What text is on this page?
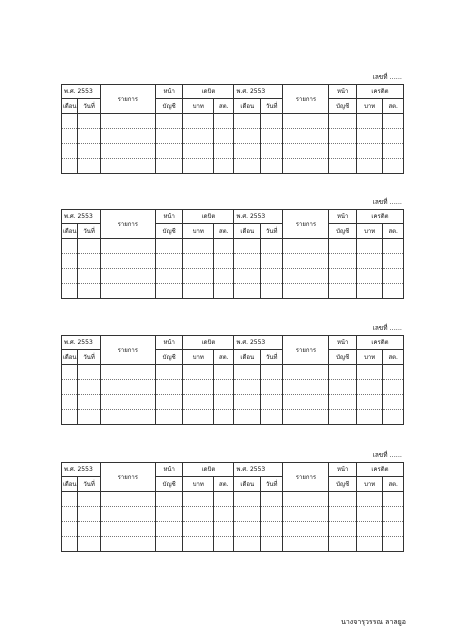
เลขที่ ......
พ.ศ. 2553		รายการ	หน้า	เดบิต		พ.ศ. 2553		รายการ	หน้า	เครดิต	
เดือน	วันที่		บัญชี	บาท	สต.	เดือน	วันที่		บัญชี	บาท	สต.

เลขที่ ......
พ.ศ. 2553		รายการ	หน้า	เดบิต		พ.ศ. 2553		รายการ	หน้า	เครดิต	
เดือน	วันที่		บัญชี	บาท	สต.	เดือน	วันที่		บัญชี	บาท	สต.

เลขที่ ......
พ.ศ. 2553		รายการ	หน้า	เดบิต		พ.ศ. 2553		รายการ	หน้า	เครดิต	
เดือน	วันที่		บัญชี	บาท	สต.	เดือน	วันที่		บัญชี	บาท	สต.

เลขที่ ......
พ.ศ. 2553		รายการ	หน้า	เดบิต		พ.ศ. 2553		รายการ	หน้า	เครดิต	
เดือน	วันที่		บัญชี	บาท	สต.	เดือน	วันที่		บัญชี	บาท	สต.

นางจารุวรรณ ลาลยูอ
